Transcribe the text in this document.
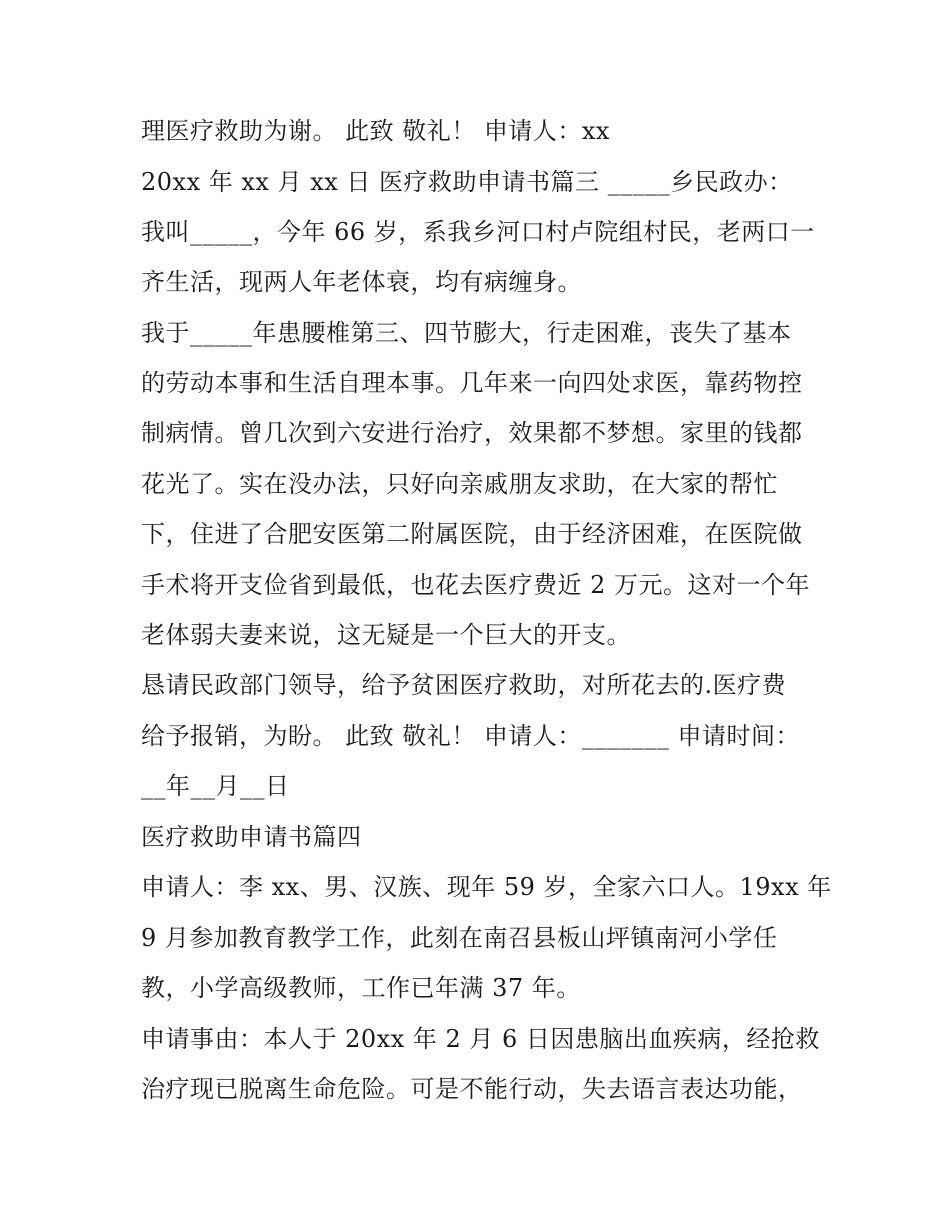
理医疗救助为谢。 此致 敬礼！ 申请人：xx
20xx 年 xx 月 xx 日 医疗救助申请书篇三 _____乡民政办：
我叫_____，今年 66 岁，系我乡河口村卢院组村民，老两口一
齐生活，现两人年老体衰，均有病缠身。
我于_____年患腰椎第三、四节膨大，行走困难，丧失了基本
的劳动本事和生活自理本事。几年来一向四处求医，靠药物控
制病情。曾几次到六安进行治疗，效果都不梦想。家里的钱都
花光了。实在没办法，只好向亲戚朋友求助，在大家的帮忙
下，住进了合肥安医第二附属医院，由于经济困难，在医院做
手术将开支俭省到最低，也花去医疗费近 2 万元。这对一个年
老体弱夫妻来说，这无疑是一个巨大的开支。
恳请民政部门领导，给予贫困医疗救助，对所花去的.医疗费
给予报销，为盼。 此致 敬礼！ 申请人：_______ 申请时间：
__年__月__日
医疗救助申请书篇四
申请人：李 xx、男、汉族、现年 59 岁，全家六口人。19xx 年
9 月参加教育教学工作，此刻在南召县板山坪镇南河小学任
教，小学高级教师，工作已年满 37 年。
申请事由：本人于 20xx 年 2 月 6 日因患脑出血疾病，经抢救
治疗现已脱离生命危险。可是不能行动，失去语言表达功能，
